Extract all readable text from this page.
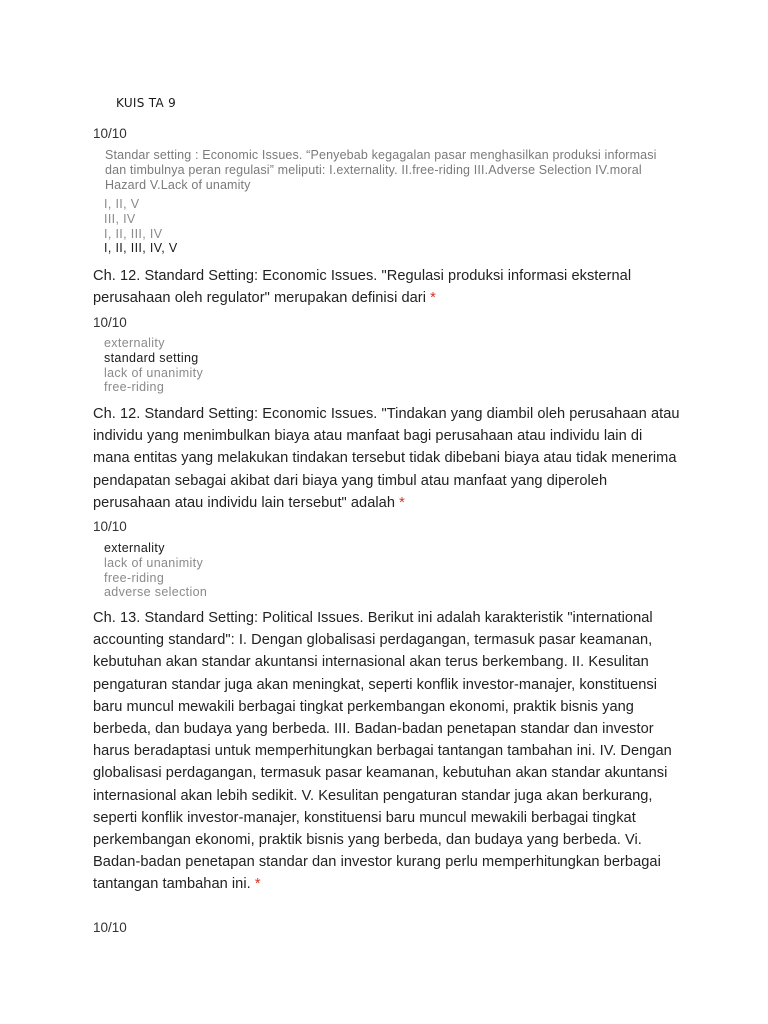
KUIS TA 9
10/10
Standar setting : Economic Issues. “Penyebab kegagalan pasar menghasilkan produksi informasi dan timbulnya peran regulasi” meliputi: I.externality. II.free-riding III.Adverse Selection IV.moral Hazard V.Lack of unamity
I, II, V
III, IV
I, II, III, IV
I, II, III, IV, V
Ch. 12. Standard Setting: Economic Issues. "Regulasi produksi informasi eksternal perusahaan oleh regulator" merupakan definisi dari *
10/10
externality
standard setting
lack of unanimity
free-riding
Ch. 12. Standard Setting: Economic Issues. "Tindakan yang diambil oleh perusahaan atau individu yang menimbulkan biaya atau manfaat bagi perusahaan atau individu lain di mana entitas yang melakukan tindakan tersebut tidak dibebani biaya atau tidak menerima pendapatan sebagai akibat dari biaya yang timbul atau manfaat yang diperoleh perusahaan atau individu lain tersebut" adalah *
10/10
externality
lack of unanimity
free-riding
adverse selection
Ch. 13. Standard Setting: Political Issues. Berikut ini adalah karakteristik "international accounting standard": I. Dengan globalisasi perdagangan, termasuk pasar keamanan, kebutuhan akan standar akuntansi internasional akan terus berkembang. II. Kesulitan pengaturan standar juga akan meningkat, seperti konflik investor-manajer, konstituensi baru muncul mewakili berbagai tingkat perkembangan ekonomi, praktik bisnis yang berbeda, dan budaya yang berbeda. III. Badan-badan penetapan standar dan investor harus beradaptasi untuk memperhitungkan berbagai tantangan tambahan ini. IV. Dengan globalisasi perdagangan, termasuk pasar keamanan, kebutuhan akan standar akuntansi internasional akan lebih sedikit. V. Kesulitan pengaturan standar juga akan berkurang, seperti konflik investor-manajer, konstituensi baru muncul mewakili berbagai tingkat perkembangan ekonomi, praktik bisnis yang berbeda, dan budaya yang berbeda. Vi. Badan-badan penetapan standar dan investor kurang perlu memperhitungkan berbagai tantangan tambahan ini. *
10/10
